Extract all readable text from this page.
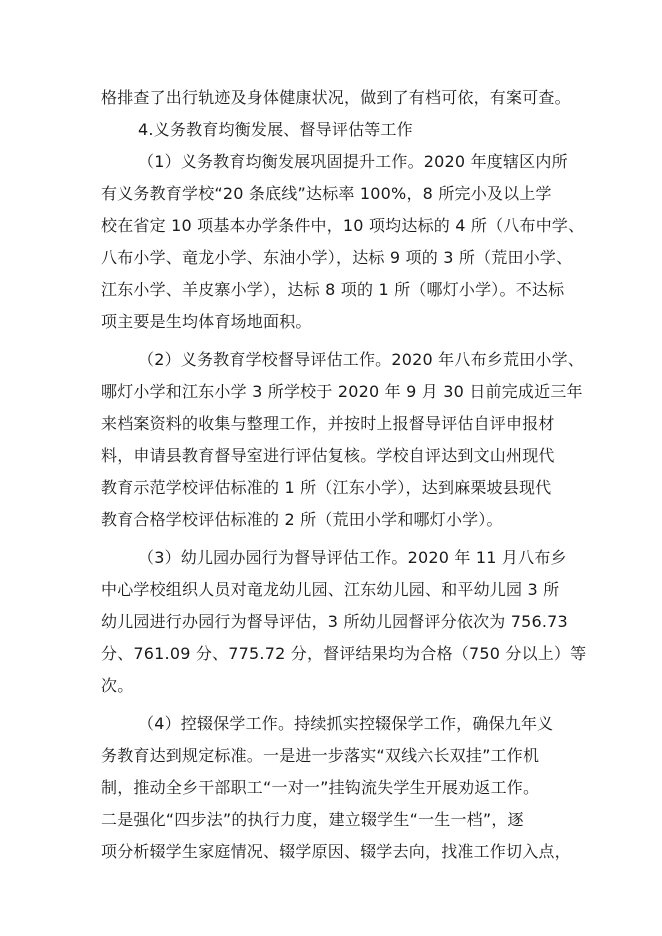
格排查了出行轨迹及身体健康状况，做到了有档可依，有案可查。
4.义务教育均衡发展、督导评估等工作
（1）义务教育均衡发展巩固提升工作。2020 年度辖区内所
有义务教育学校“20 条底线”达标率 100%，8 所完小及以上学
校在省定 10 项基本办学条件中，10 项均达标的 4 所（八布中学、
八布小学、竜龙小学、东油小学），达标 9 项的 3 所（荒田小学、
江东小学、羊皮寨小学），达标 8 项的 1 所（哪灯小学）。不达标
项主要是生均体育场地面积。
（2）义务教育学校督导评估工作。2020 年八布乡荒田小学、
哪灯小学和江东小学 3 所学校于 2020 年 9 月 30 日前完成近三年
来档案资料的收集与整理工作，并按时上报督导评估自评申报材
料，申请县教育督导室进行评估复核。学校自评达到文山州现代
教育示范学校评估标准的 1 所（江东小学），达到麻栗坡县现代
教育合格学校评估标准的 2 所（荒田小学和哪灯小学）。
（3）幼儿园办园行为督导评估工作。2020 年 11 月八布乡
中心学校组织人员对竜龙幼儿园、江东幼儿园、和平幼儿园 3 所
幼儿园进行办园行为督导评估，3 所幼儿园督评分依次为 756.73
分、761.09 分、775.72 分，督评结果均为合格（750 分以上）等
次。
（4）控辍保学工作。持续抓实控辍保学工作，确保九年义
务教育达到规定标准。一是进一步落实“双线六长双挂”工作机
制，推动全乡干部职工“一对一”挂钩流失学生开展劝返工作。
二是强化“四步法”的执行力度，建立辍学生“一生一档”，逐
项分析辍学生家庭情况、辍学原因、辍学去向，找准工作切入点，
